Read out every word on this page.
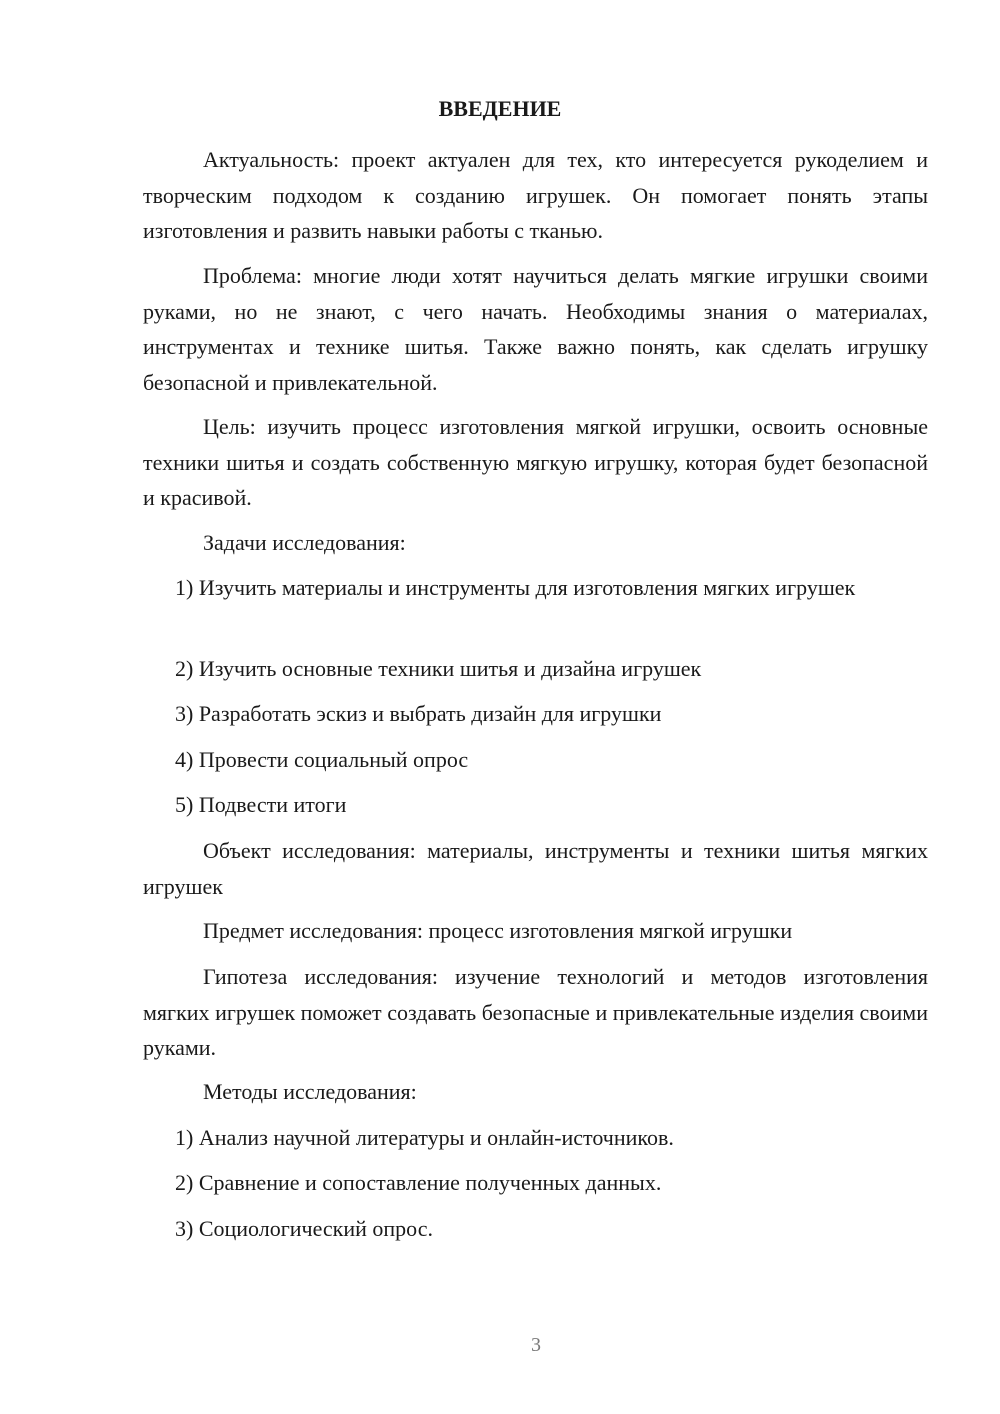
ВВЕДЕНИЕ

Актуальность: проект актуален для тех, кто интересуется рукоделием и творческим подходом к созданию игрушек. Он помогает понять этапы изготовления и развить навыки работы с тканью.

Проблема: многие люди хотят научиться делать мягкие игрушки своими руками, но не знают, с чего начать. Необходимы знания о материалах, инструментах и технике шитья. Также важно понять, как сделать игрушку безопасной и привлекательной.

Цель: изучить процесс изготовления мягкой игрушки, освоить основные техники шитья и создать собственную мягкую игрушку, которая будет безопасной и красивой.

Задачи исследования:

1) Изучить материалы и инструменты для изготовления мягких игрушек

2) Изучить основные техники шитья и дизайна игрушек

3) Разработать эскиз и выбрать дизайн для игрушки

4) Провести социальный опрос

5) Подвести итоги

Объект исследования: материалы, инструменты и техники шитья мягких игрушек

Предмет исследования: процесс изготовления мягкой игрушки

Гипотеза исследования: изучение технологий и методов изготовления мягких игрушек поможет создавать безопасные и привлекательные изделия своими руками.

Методы исследования:

1) Анализ научной литературы и онлайн-источников.

2) Сравнение и сопоставление полученных данных.

3) Социологический опрос.

3
